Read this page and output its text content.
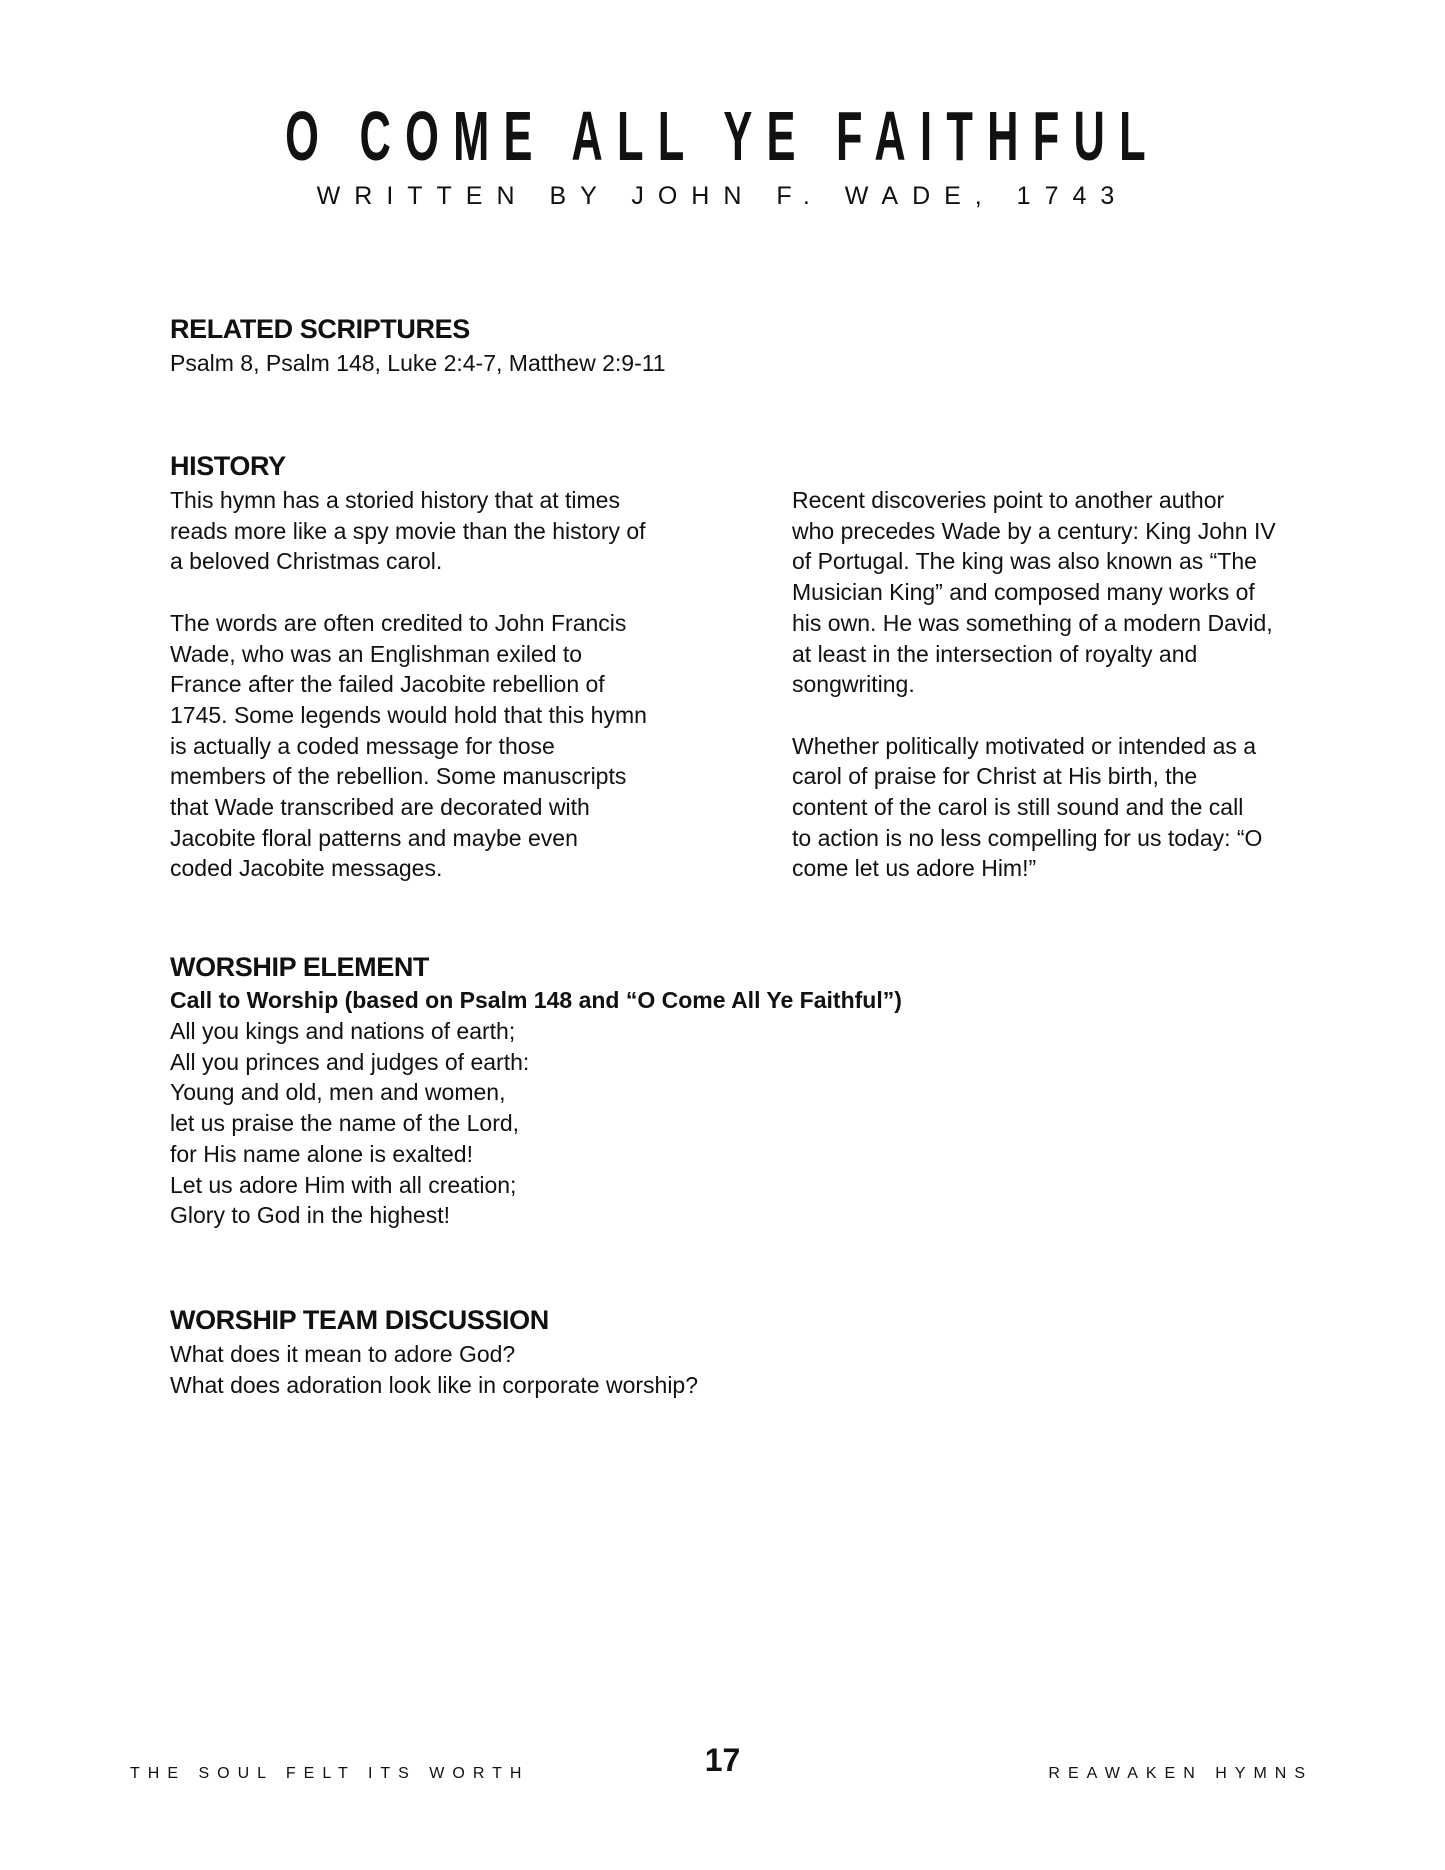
O COME ALL YE FAITHFUL
WRITTEN BY JOHN F. WADE, 1743
RELATED SCRIPTURES
Psalm 8, Psalm 148, Luke 2:4-7, Matthew 2:9-11
HISTORY
This hymn has a storied history that at times
reads more like a spy movie than the history of
a beloved Christmas carol.

The words are often credited to John Francis
Wade, who was an Englishman exiled to
France after the failed Jacobite rebellion of
1745. Some legends would hold that this hymn
is actually a coded message for those
members of the rebellion. Some manuscripts
that Wade transcribed are decorated with
Jacobite floral patterns and maybe even
coded Jacobite messages.
Recent discoveries point to another author
who precedes Wade by a century: King John IV
of Portugal. The king was also known as “The
Musician King” and composed many works of
his own. He was something of a modern David,
at least in the intersection of royalty and
songwriting.

Whether politically motivated or intended as a
carol of praise for Christ at His birth, the
content of the carol is still sound and the call
to action is no less compelling for us today: “O
come let us adore Him!”
WORSHIP ELEMENT
Call to Worship (based on Psalm 148 and “O Come All Ye Faithful”)
All you kings and nations of earth;
All you princes and judges of earth:
Young and old, men and women,
let us praise the name of the Lord,
for His name alone is exalted!
Let us adore Him with all creation;
Glory to God in the highest!
WORSHIP TEAM DISCUSSION
What does it mean to adore God?
What does adoration look like in corporate worship?
THE SOUL FELT ITS WORTH	17	REAWAKEN HYMNS
